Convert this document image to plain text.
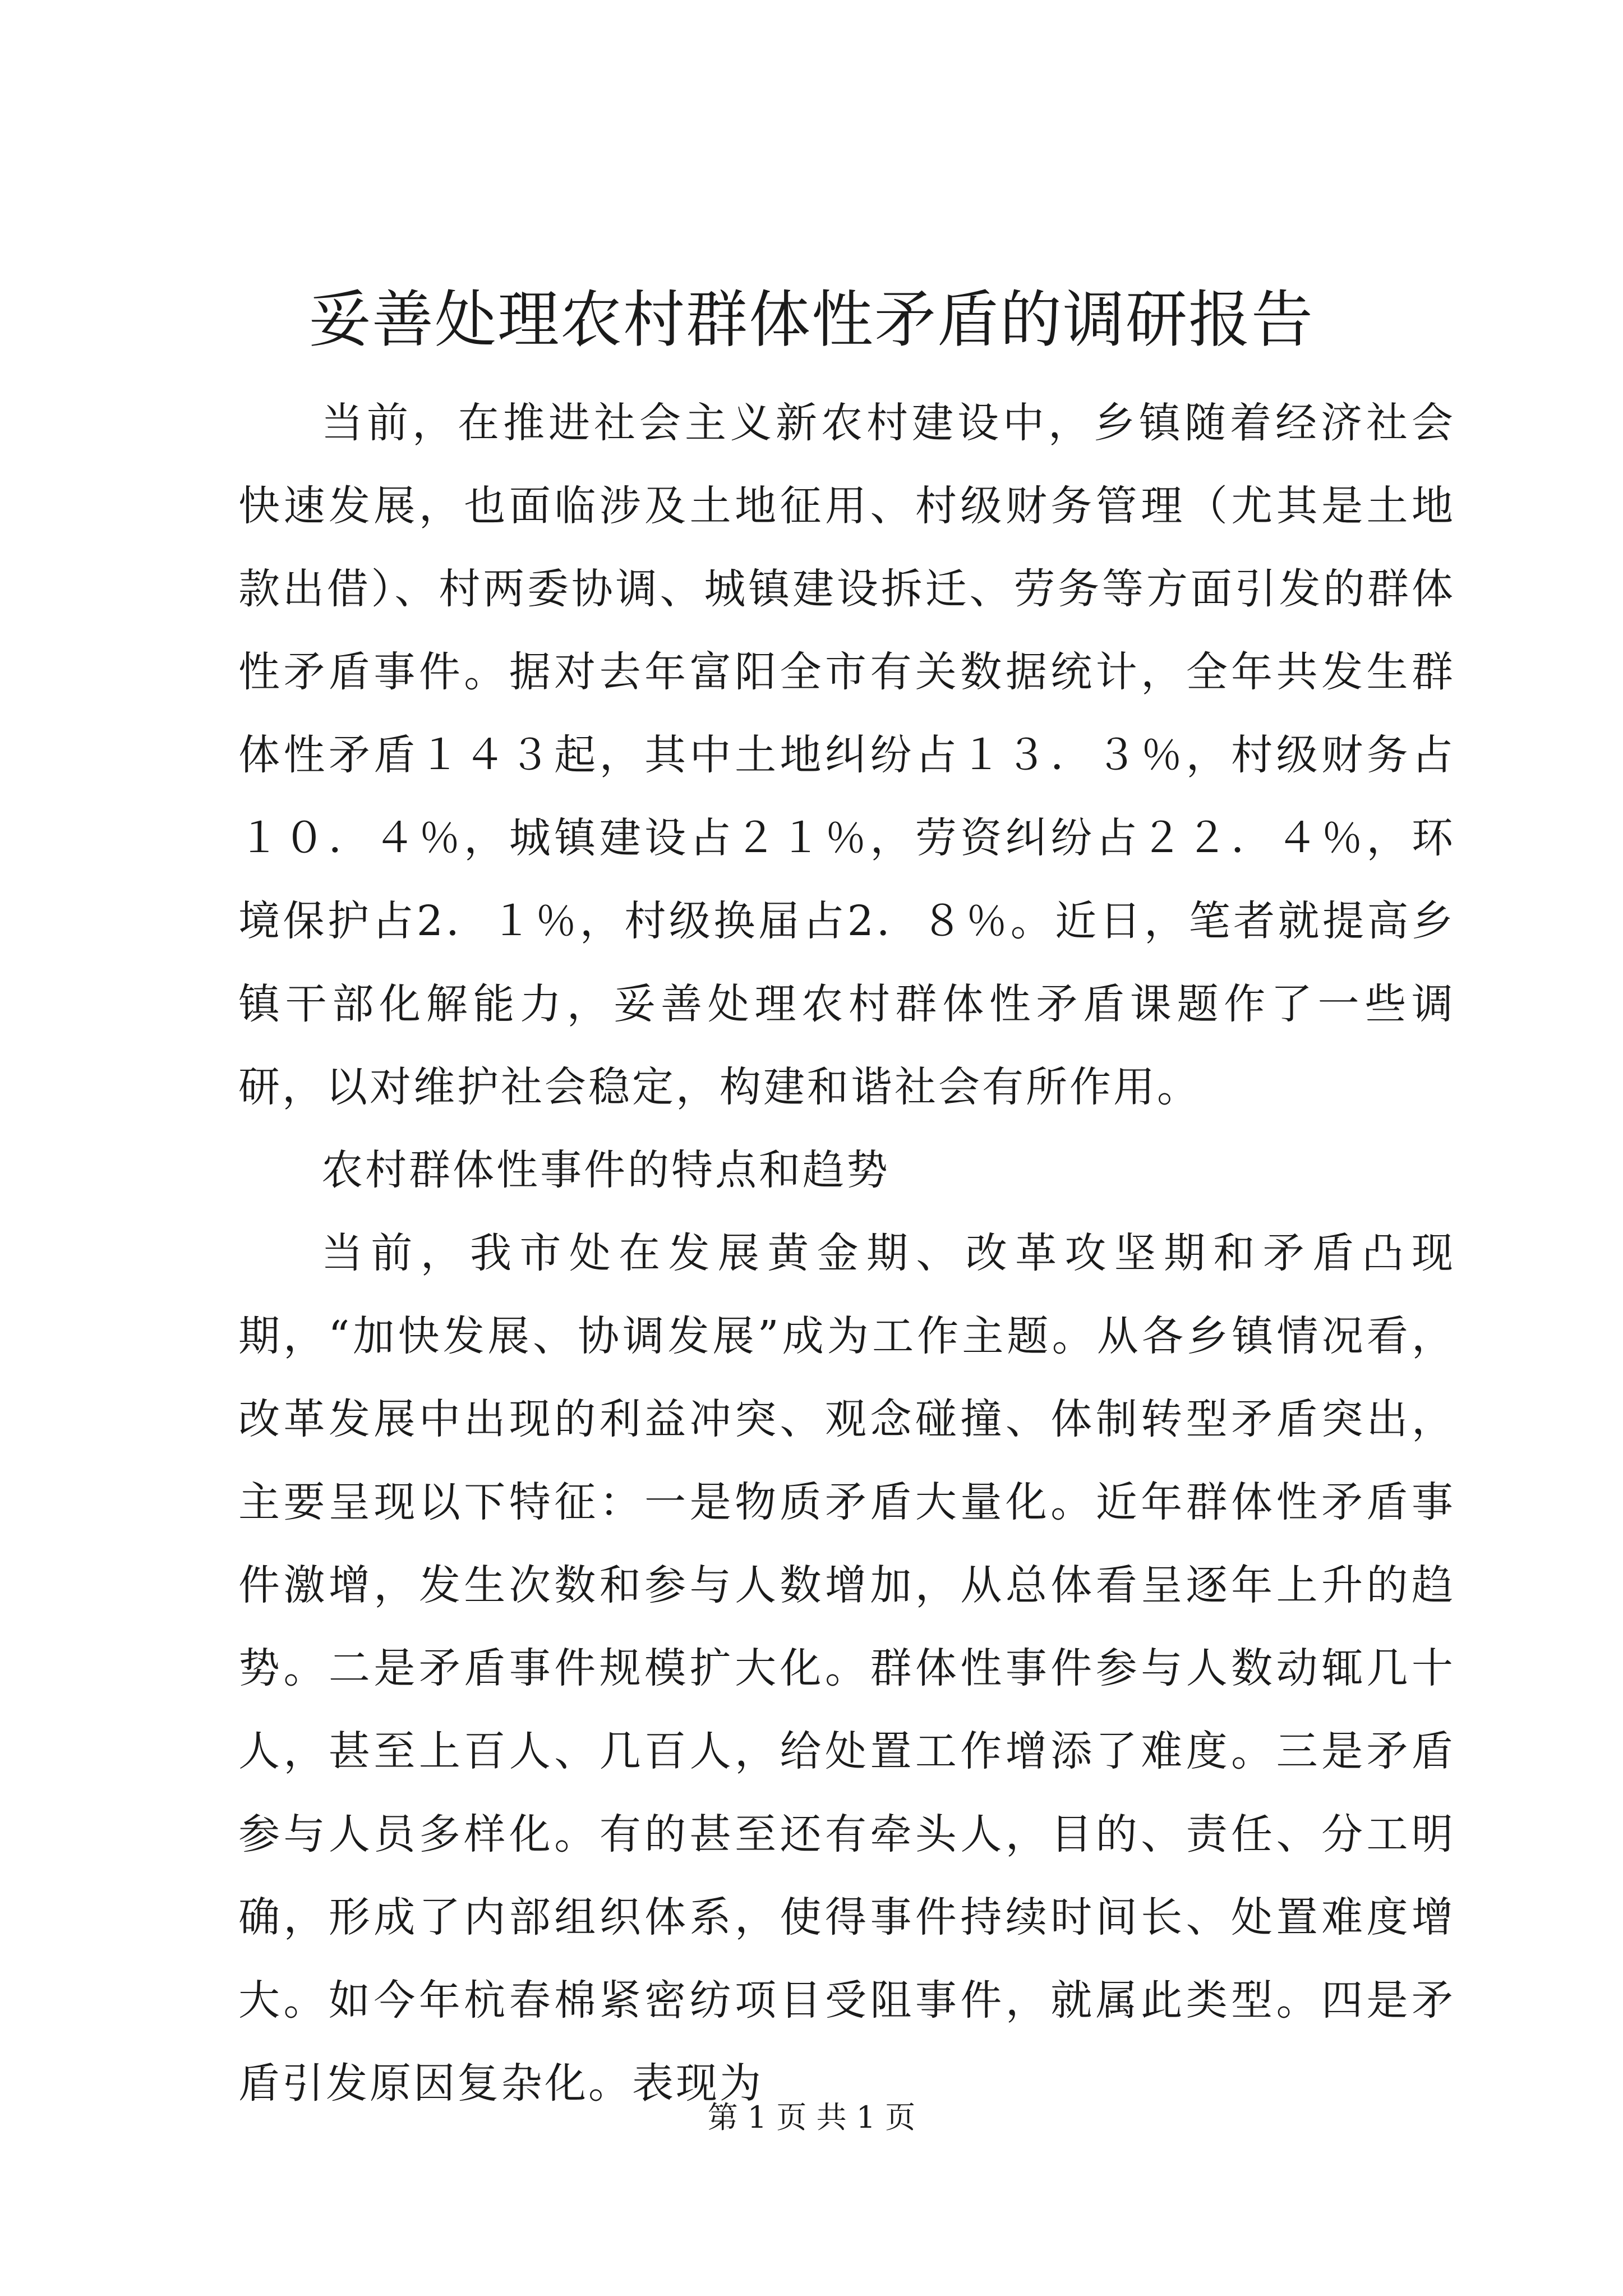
妥善处理农村群体性矛盾的调研报告

当前，在推进社会主义新农村建设中，乡镇随着经济社会快速发展，也面临涉及土地征用、村级财务管理（尤其是土地款出借）、村两委协调、城镇建设拆迁、劳务等方面引发的群体性矛盾事件。据对去年富阳全市有关数据统计，全年共发生群体性矛盾１４３起，其中土地纠纷占１３．３％，村级财务占１０．４％，城镇建设占２１％，劳资纠纷占２２．４％，环境保护占2．１％，村级换届占2．８％。近日，笔者就提高乡镇干部化解能力，妥善处理农村群体性矛盾课题作了一些调研，以对维护社会稳定，构建和谐社会有所作用。

农村群体性事件的特点和趋势

当前，我市处在发展黄金期、改革攻坚期和矛盾凸现期，“加快发展、协调发展”成为工作主题。从各乡镇情况看，改革发展中出现的利益冲突、观念碰撞、体制转型矛盾突出，主要呈现以下特征：一是物质矛盾大量化。近年群体性矛盾事件激增，发生次数和参与人数增加，从总体看呈逐年上升的趋势。二是矛盾事件规模扩大化。群体性事件参与人数动辄几十人，甚至上百人、几百人，给处置工作增添了难度。三是矛盾参与人员多样化。有的甚至还有牵头人，目的、责任、分工明确，形成了内部组织体系，使得事件持续时间长、处置难度增大。如今年杭春棉紧密纺项目受阻事件，就属此类型。四是矛盾引发原因复杂化。表现为

第 1 页 共 1 页
